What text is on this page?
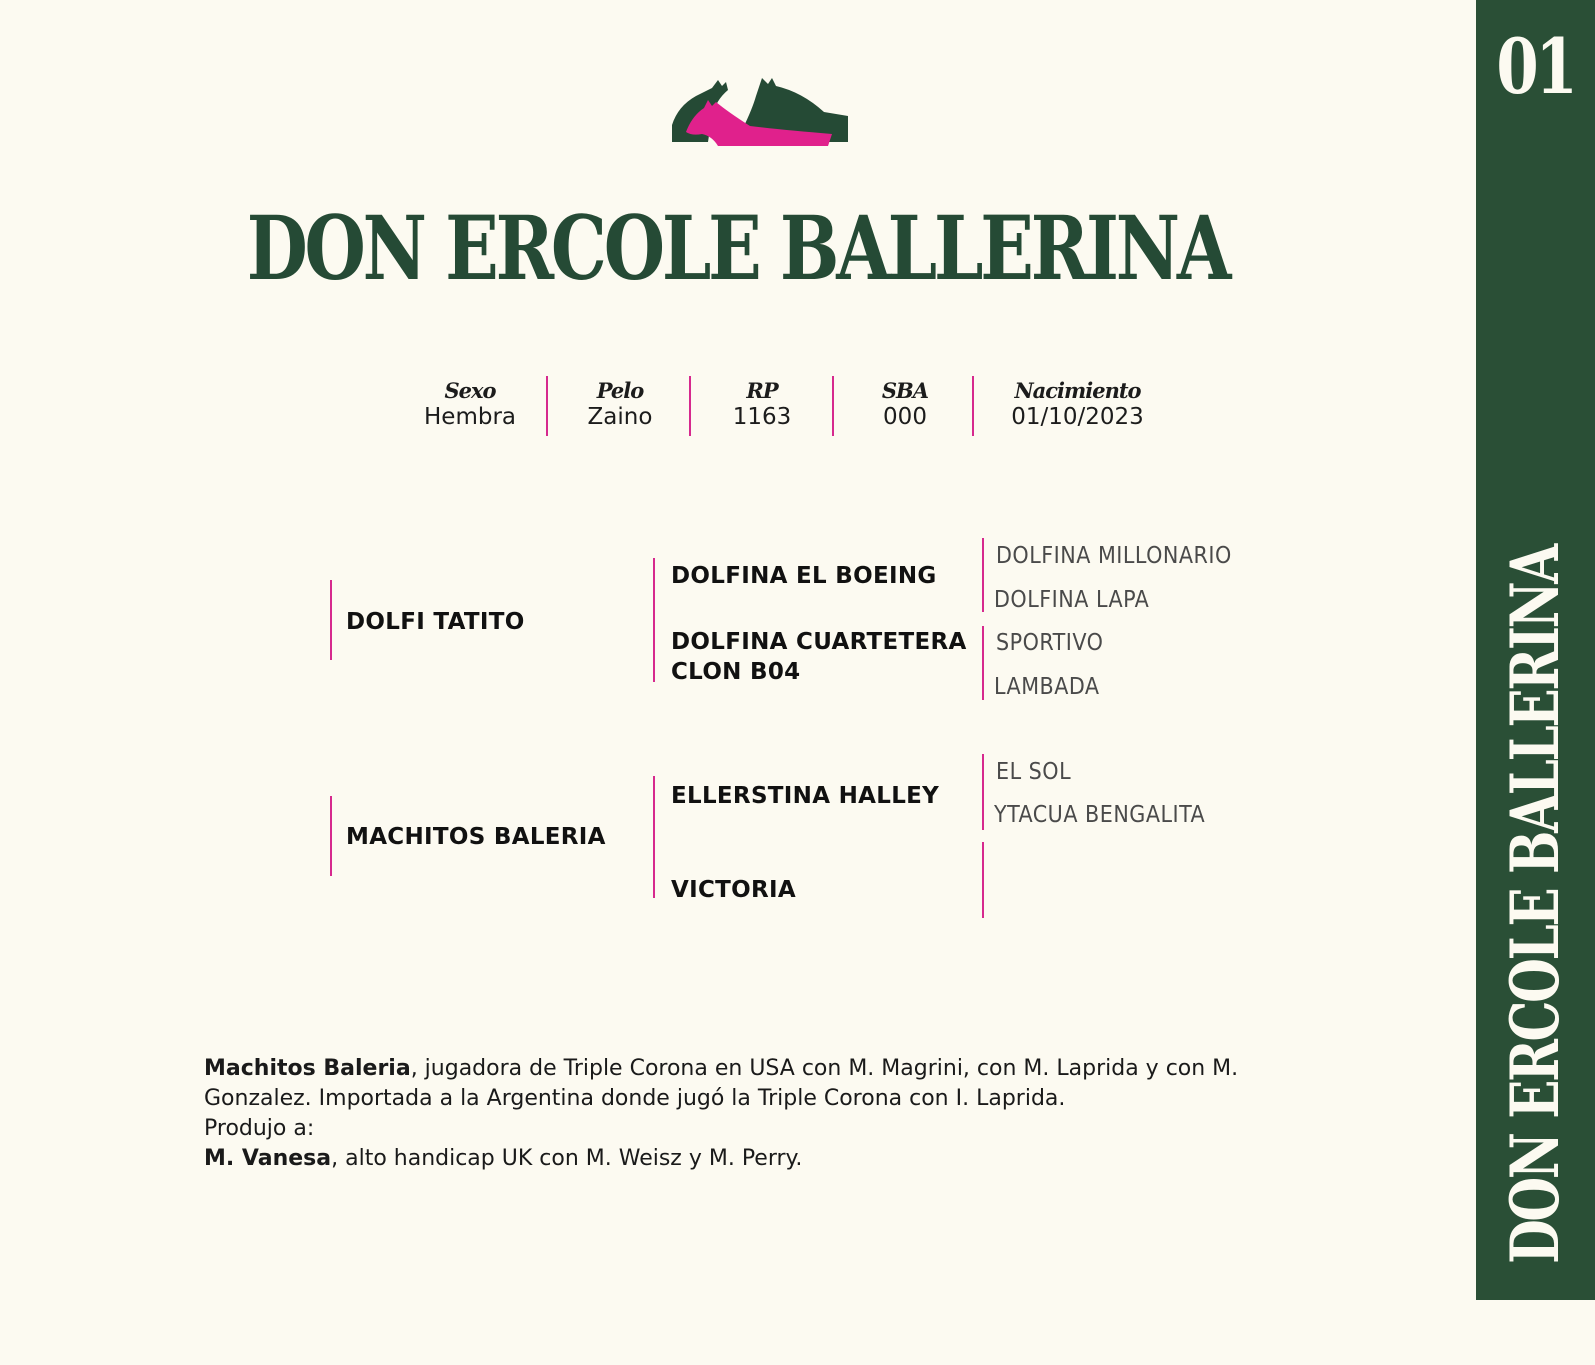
DON ERCOLE BALLERINA
Sexo
Hembra
Pelo
Zaino
RP
1163
SBA
000
Nacimiento
01/10/2023
DOLFI TATITO
MACHITOS BALERIA
DOLFINA EL BOEING
DOLFINA CUARTETERA CLON B04
ELLERSTINA HALLEY
VICTORIA
DOLFINA MILLONARIO
DOLFINA LAPA
SPORTIVO
LAMBADA
EL SOL
YTACUA BENGALITA
Machitos Baleria, jugadora de Triple Corona en USA con M. Magrini, con M. Laprida y con M. Gonzalez. Importada a la Argentina donde jugó la Triple Corona con I. Laprida.
Produjo a:
M. Vanesa, alto handicap UK con M. Weisz y M. Perry.
01
DON ERCOLE BALLERINA
